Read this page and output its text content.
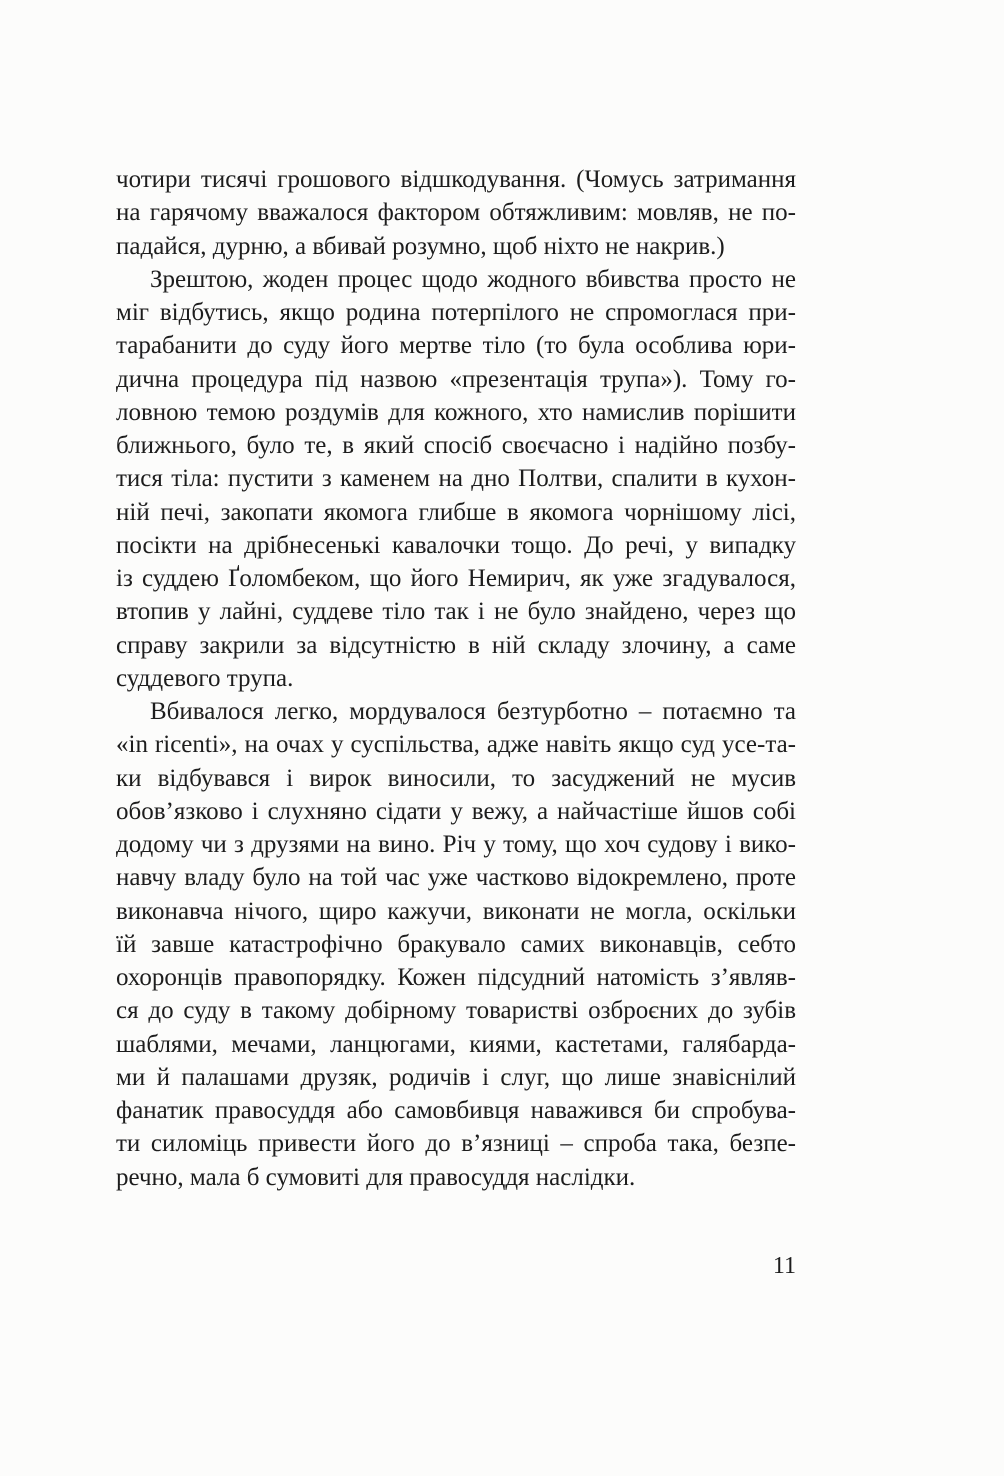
чотири тисячі грошового відшкодування. (Чомусь затримання
на гарячому вважалося фактором обтяжливим: мовляв, не по-
падайся, дурню, а вбивай розумно, щоб ніхто не накрив.)
Зрештою, жоден процес щодо жодного вбивства просто не
міг відбутись, якщо родина потерпілого не спромоглася при-
тарабанити до суду його мертве тіло (то була особлива юри-
дична процедура під назвою «презентація трупа»). Тому го-
ловною темою роздумів для кожного, хто намислив порішити
ближнього, було те, в який спосіб своєчасно і надійно позбу-
тися тіла: пустити з каменем на дно Полтви, спалити в кухон-
ній печі, закопати якомога глибше в якомога чорнішому лісі,
посікти на дрібнесенькі кавалочки тощо. До речі, у випадку
із суддею Ґоломбеком, що його Немирич, як уже згадувалося,
втопив у лайні, суддеве тіло так і не було знайдено, через що
справу закрили за відсутністю в ній складу злочину, а саме
суддевого трупа.
Вбивалося легко, мордувалося безтурботно – потаємно та
«in ricenti», на очах у суспільства, адже навіть якщо суд усе-та-
ки відбувався і вирок виносили, то засуджений не мусив
обов’язково і слухняно сідати у вежу, а найчастіше йшов собі
додому чи з друзями на вино. Річ у тому, що хоч судову і вико-
навчу владу було на той час уже частково відокремлено, проте
виконавча нічого, щиро кажучи, виконати не могла, оскільки
їй завше катастрофічно бракувало самих виконавців, себто
охоронців правопорядку. Кожен підсудний натомість з’являв-
ся до суду в такому добірному товаристві озброєних до зубів
шаблями, мечами, ланцюгами, киями, кастетами, галябарда-
ми й палашами друзяк, родичів і слуг, що лише знавіснілий
фанатик правосуддя або самовбивця наважився би спробува-
ти силоміць привести його до в’язниці – спроба така, безпе-
речно, мала б сумовиті для правосуддя наслідки.
11
